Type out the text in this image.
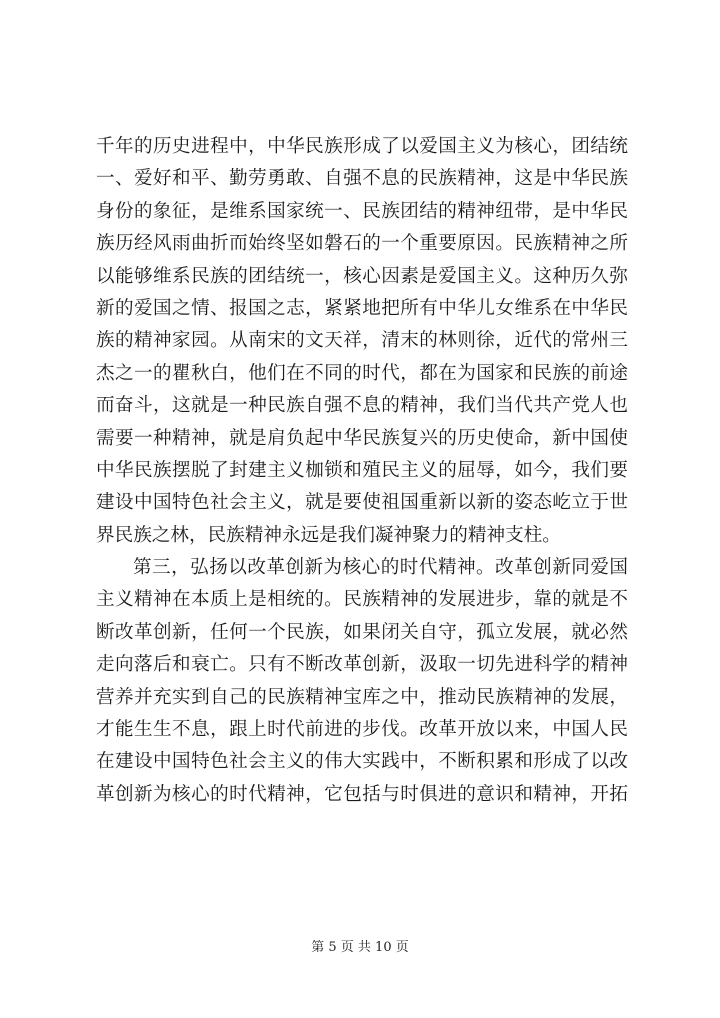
千年的历史进程中，中华民族形成了以爱国主义为核心，团结统
一、爱好和平、勤劳勇敢、自强不息的民族精神，这是中华民族
身份的象征，是维系国家统一、民族团结的精神纽带，是中华民
族历经风雨曲折而始终坚如磐石的一个重要原因。民族精神之所
以能够维系民族的团结统一，核心因素是爱国主义。这种历久弥
新的爱国之情、报国之志，紧紧地把所有中华儿女维系在中华民
族的精神家园。从南宋的文天祥，清末的林则徐，近代的常州三
杰之一的瞿秋白，他们在不同的时代，都在为国家和民族的前途
而奋斗，这就是一种民族自强不息的精神，我们当代共产党人也
需要一种精神，就是肩负起中华民族复兴的历史使命，新中国使
中华民族摆脱了封建主义枷锁和殖民主义的屈辱，如今，我们要
建设中国特色社会主义，就是要使祖国重新以新的姿态屹立于世
界民族之林，民族精神永远是我们凝神聚力的精神支柱。

第三，弘扬以改革创新为核心的时代精神。改革创新同爱国
主义精神在本质上是相统的。民族精神的发展进步，靠的就是不
断改革创新，任何一个民族，如果闭关自守，孤立发展，就必然
走向落后和衰亡。只有不断改革创新，汲取一切先进科学的精神
营养并充实到自己的民族精神宝库之中，推动民族精神的发展，
才能生生不息，跟上时代前进的步伐。改革开放以来，中国人民
在建设中国特色社会主义的伟大实践中，不断积累和形成了以改
革创新为核心的时代精神，它包括与时俱进的意识和精神，开拓

第 5 页 共 10 页
